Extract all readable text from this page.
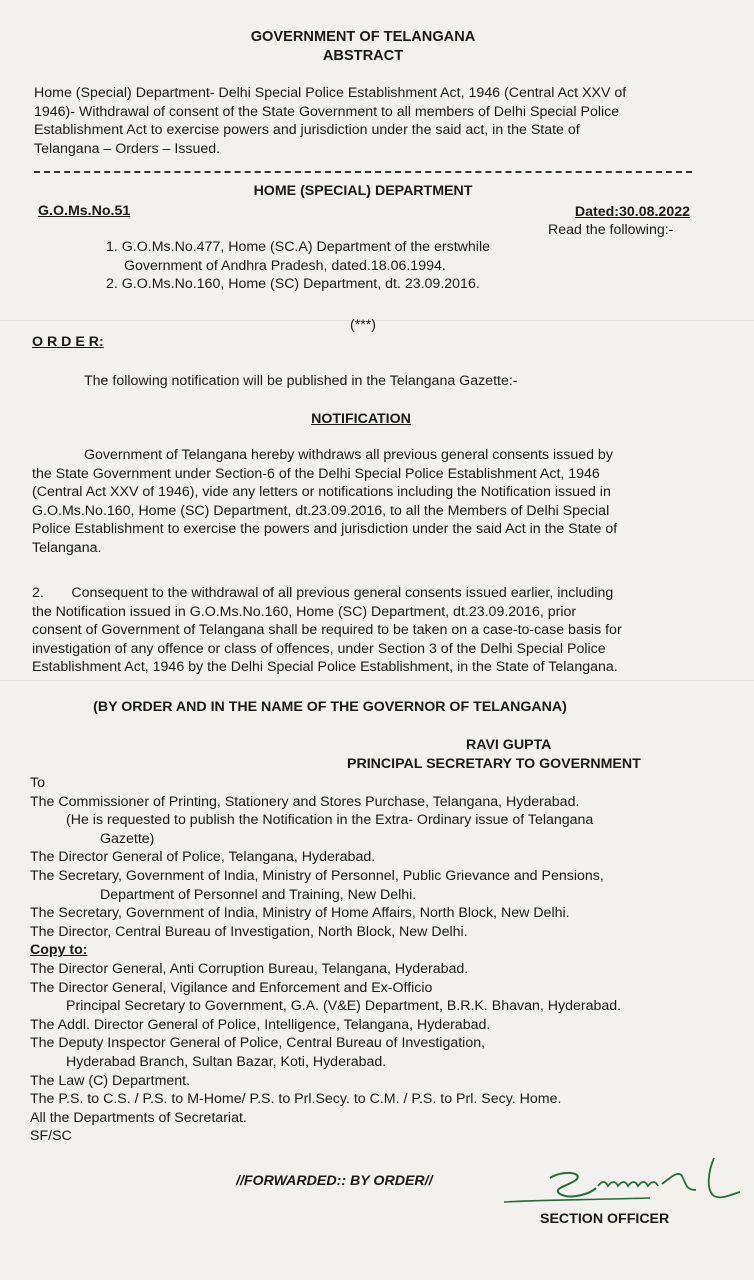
GOVERNMENT OF TELANGANA
ABSTRACT
Home (Special) Department- Delhi Special Police Establishment Act, 1946 (Central Act XXV of
1946)- Withdrawal of consent of the State Government to all members of Delhi Special Police
Establishment Act to exercise powers and jurisdiction under the said act, in the State of
Telangana – Orders – Issued.
HOME (SPECIAL) DEPARTMENT
G.O.Ms.No.51	Dated:30.08.2022
Read the following:-
1. G.O.Ms.No.477, Home (SC.A) Department of the erstwhile
Government of Andhra Pradesh, dated.18.06.1994.
2. G.O.Ms.No.160, Home (SC) Department, dt. 23.09.2016.
(***)
O R D E R:
The following notification will be published in the Telangana Gazette:-
NOTIFICATION
Government of Telangana hereby withdraws all previous general consents issued by
the State Government under Section-6 of the Delhi Special Police Establishment Act, 1946
(Central Act XXV of 1946), vide any letters or notifications including the Notification issued in
G.O.Ms.No.160, Home (SC) Department, dt.23.09.2016, to all the Members of Delhi Special
Police Establishment to exercise the powers and jurisdiction under the said Act in the State of
Telangana.
2.       Consequent to the withdrawal of all previous general consents issued earlier, including
the Notification issued in G.O.Ms.No.160, Home (SC) Department, dt.23.09.2016, prior
consent of Government of Telangana shall be required to be taken on a case-to-case basis for
investigation of any offence or class of offences, under Section 3 of the Delhi Special Police
Establishment Act, 1946 by the Delhi Special Police Establishment, in the State of Telangana.
(BY ORDER AND IN THE NAME OF THE GOVERNOR OF TELANGANA)
RAVI GUPTA
PRINCIPAL SECRETARY TO GOVERNMENT
To
The Commissioner of Printing, Stationery and Stores Purchase, Telangana, Hyderabad.
(He is requested to publish the Notification in the Extra- Ordinary issue of Telangana
Gazette)
The Director General of Police, Telangana, Hyderabad.
The Secretary, Government of India, Ministry of Personnel, Public Grievance and Pensions,
Department of Personnel and Training, New Delhi.
The Secretary, Government of India, Ministry of Home Affairs, North Block, New Delhi.
The Director, Central Bureau of Investigation, North Block, New Delhi.
Copy to:
The Director General, Anti Corruption Bureau, Telangana, Hyderabad.
The Director General, Vigilance and Enforcement and Ex-Officio
Principal Secretary to Government, G.A. (V&E) Department, B.R.K. Bhavan, Hyderabad.
The Addl. Director General of Police, Intelligence, Telangana, Hyderabad.
The Deputy Inspector General of Police, Central Bureau of Investigation,
Hyderabad Branch, Sultan Bazar, Koti, Hyderabad.
The Law (C) Department.
The P.S. to C.S. / P.S. to M-Home/ P.S. to Prl.Secy. to C.M. / P.S. to Prl. Secy. Home.
All the Departments of Secretariat.
SF/SC
//FORWARDED:: BY ORDER//
SECTION OFFICER
